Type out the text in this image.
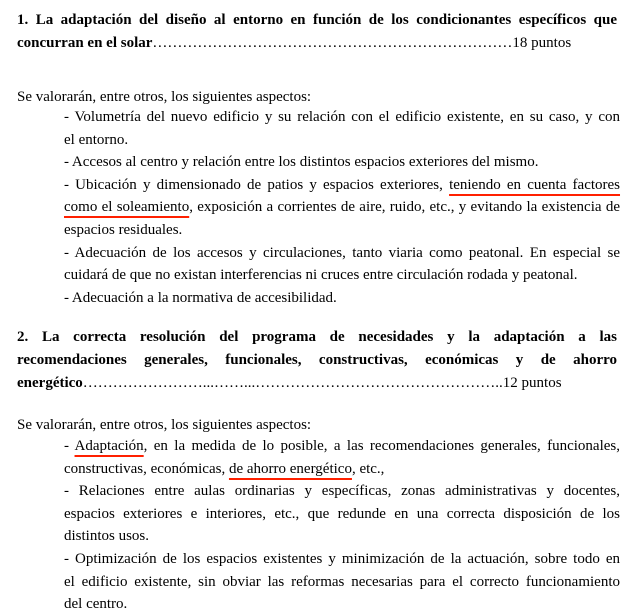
1. La adaptación del diseño al entorno en función de los condicionantes específicos que
concurran en el solar………………………………………………………………18 puntos
Se valorarán, entre otros, los siguientes aspectos:

- Volumetría del nuevo edificio y su relación con el edificio existente, en su caso, y con
el entorno.

- Accesos al centro y relación entre los distintos espacios exteriores del mismo.

- Ubicación y dimensionado de patios y espacios exteriores, teniendo en cuenta factores como el soleamiento, exposición a corrientes de aire, ruido, etc., y evitando la existencia de espacios residuales.

- Adecuación de los accesos y circulaciones, tanto viaria como peatonal. En especial se
cuidará de que no existan interferencias ni cruces entre circulación rodada y peatonal.

- Adecuación a la normativa de accesibilidad.

2. La correcta resolución del programa de necesidades y la adaptación a las
recomendaciones generales, funcionales, constructivas, económicas y de ahorro
energético……………………...……...…………………………………………..12 puntos
Se valorarán, entre otros, los siguientes aspectos:

- Adaptación, en la medida de lo posible, a las recomendaciones generales, funcionales, constructivas, económicas, de ahorro energético, etc.,

- Relaciones entre aulas ordinarias y específicas, zonas administrativas y docentes,
espacios exteriores e interiores, etc., que redunde en una correcta disposición de los
distintos usos.

- Optimización de los espacios existentes y minimización de la actuación, sobre todo en
el edificio existente, sin obviar las reformas necesarias para el correcto funcionamiento
del centro.
